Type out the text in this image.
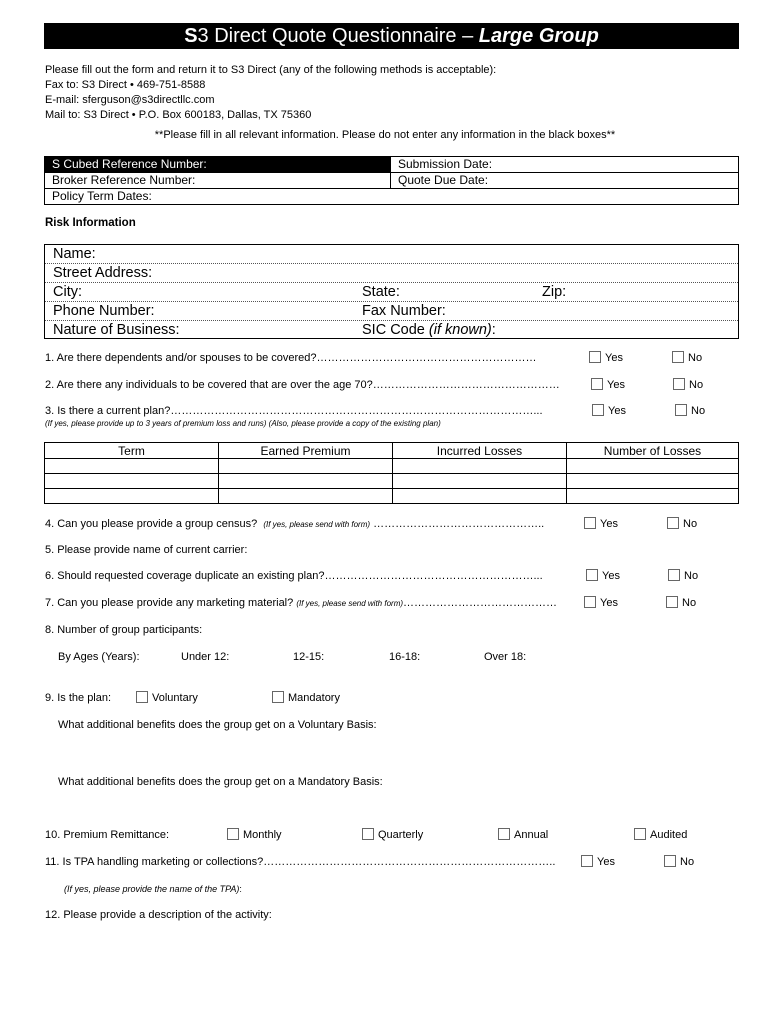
S3 Direct Quote Questionnaire – Large Group
Please fill out the form and return it to S3 Direct (any of the following methods is acceptable):
Fax to: S3 Direct • 469-751-8588
E-mail: sferguson@s3directllc.com
Mail to: S3 Direct • P.O. Box 600183, Dallas, TX 75360
**Please fill in all relevant information. Please do not enter any information in the black boxes**
S Cubed Reference Number:	Submission Date:
Broker Reference Number:	Quote Due Date:
Policy Term Dates:	
Risk Information
Name:
Street Address:
City:	State:	Zip:
Phone Number:	Fax Number:
Nature of Business:	SIC Code (if known):
1. Are there dependents and/or spouses to be covered?……………………………………………………	Yes	No
2. Are there any individuals to be covered that are over the age 70?……………………………………………	Yes	No
3. Is there a current plan?………………………………………………………………………………………...	Yes	No
(If yes, please provide up to 3 years of premium loss and runs) (Also, please provide a copy of the existing plan)
Term	Earned Premium	Incurred Losses	Number of Losses

4. Can you please provide a group census? (If yes, please send with form) ………………………………………..	Yes	No
5. Please provide name of current carrier:
6. Should requested coverage duplicate an existing plan?…………………………………………………...	Yes	No
7. Can you please provide any marketing material? (If yes, please send with form)……………………………………	Yes	No
8. Number of group participants:
By Ages (Years):	Under 12:	12-15:	16-18:	Over 18:
9. Is the plan:	Voluntary	Mandatory
What additional benefits does the group get on a Voluntary Basis:
What additional benefits does the group get on a Mandatory Basis:
10. Premium Remittance:	Monthly	Quarterly	Annual	Audited
11. Is TPA handling marketing or collections?……………………………………………………………………..	Yes	No
(If yes, please provide the name of the TPA):
12. Please provide a description of the activity:
